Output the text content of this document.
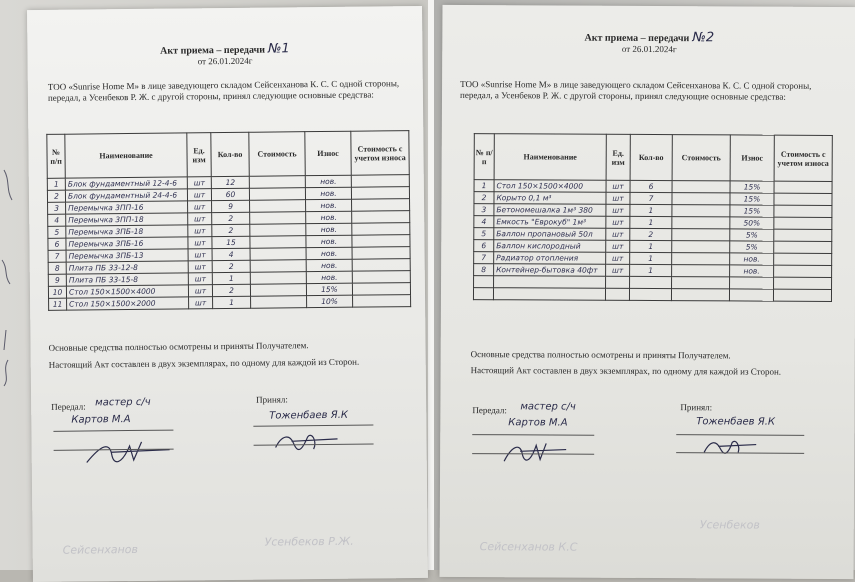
Акт приема – передачи №1
от 26.01.2024г
ТОО «Sunrise Home M» в лице заведующего складом Сейсенханова К. С. С одной стороны, передал, а Усенбеков Р. Ж. с другой стороны, принял следующие основные средства:
№ п/п	Наименование	Ед. изм	Кол-во	Стоимость	Износ	Стоимость с учетом износа
1	Блок фундаментный 12-4-6	шт	12		нов.	
2	Блок фундаментный 24-4-6	шт	60		нов.	
3	Перемычка 3ПП-16	шт	9		нов.	
4	Перемычка 3ПП-18	шт	2		нов.	
5	Перемычка 3ПБ-18	шт	2		нов.	
6	Перемычка 3ПБ-16	шт	15		нов.	
7	Перемычка 3ПБ-13	шт	4		нов.	
8	Плита ПБ 33-12-8	шт	2		нов.	
9	Плита ПБ 33-15-8	шт	1		нов.	
10	Стол 150×1500×4000	шт	2		15%	
11	Стол 150×1500×2000	шт	1		10%	
Основные средства полностью осмотрены и приняты Получателем.
Настоящий Акт составлен в двух экземплярах, по одному для каждой из Сторон.
Передал: мастер с/ч
Картов М.А
Принял:
Тоженбаев Я.К
Сейсенханов
Усенбеков Р.Ж.
Акт приема – передачи №2
от 26.01.2024г
ТОО «Sunrise Home M» в лице заведующего складом Сейсенханова К. С. С одной стороны, передал, а Усенбеков Р. Ж. с другой стороны, принял следующие основные средства:
№ п/п	Наименование	Ед. изм	Кол-во	Стоимость	Износ	Стоимость с учетом износа
1	Стол 150×1500×4000	шт	6		15%	
2	Корыто 0,1 м³	шт	7		15%	
3	Бетономешалка 1м³ 380	шт	1		15%	
4	Емкость "Еврокуб" 1м³	шт	1		50%	
5	Баллон пропановый 50л	шт	2		5%	
6	Баллон кислородный	шт	1		5%	
7	Радиатор отопления	шт	1		нов.	
8	Контейнер-бытовка 40фт	шт	1		нов.	

Основные средства полностью осмотрены и приняты Получателем.
Настоящий Акт составлен в двух экземплярах, по одному для каждой из Сторон.
Передал: мастер с/ч
Картов М.А
Принял:
Тоженбаев Я.К
Сейсенханов К.С
Усенбеков
